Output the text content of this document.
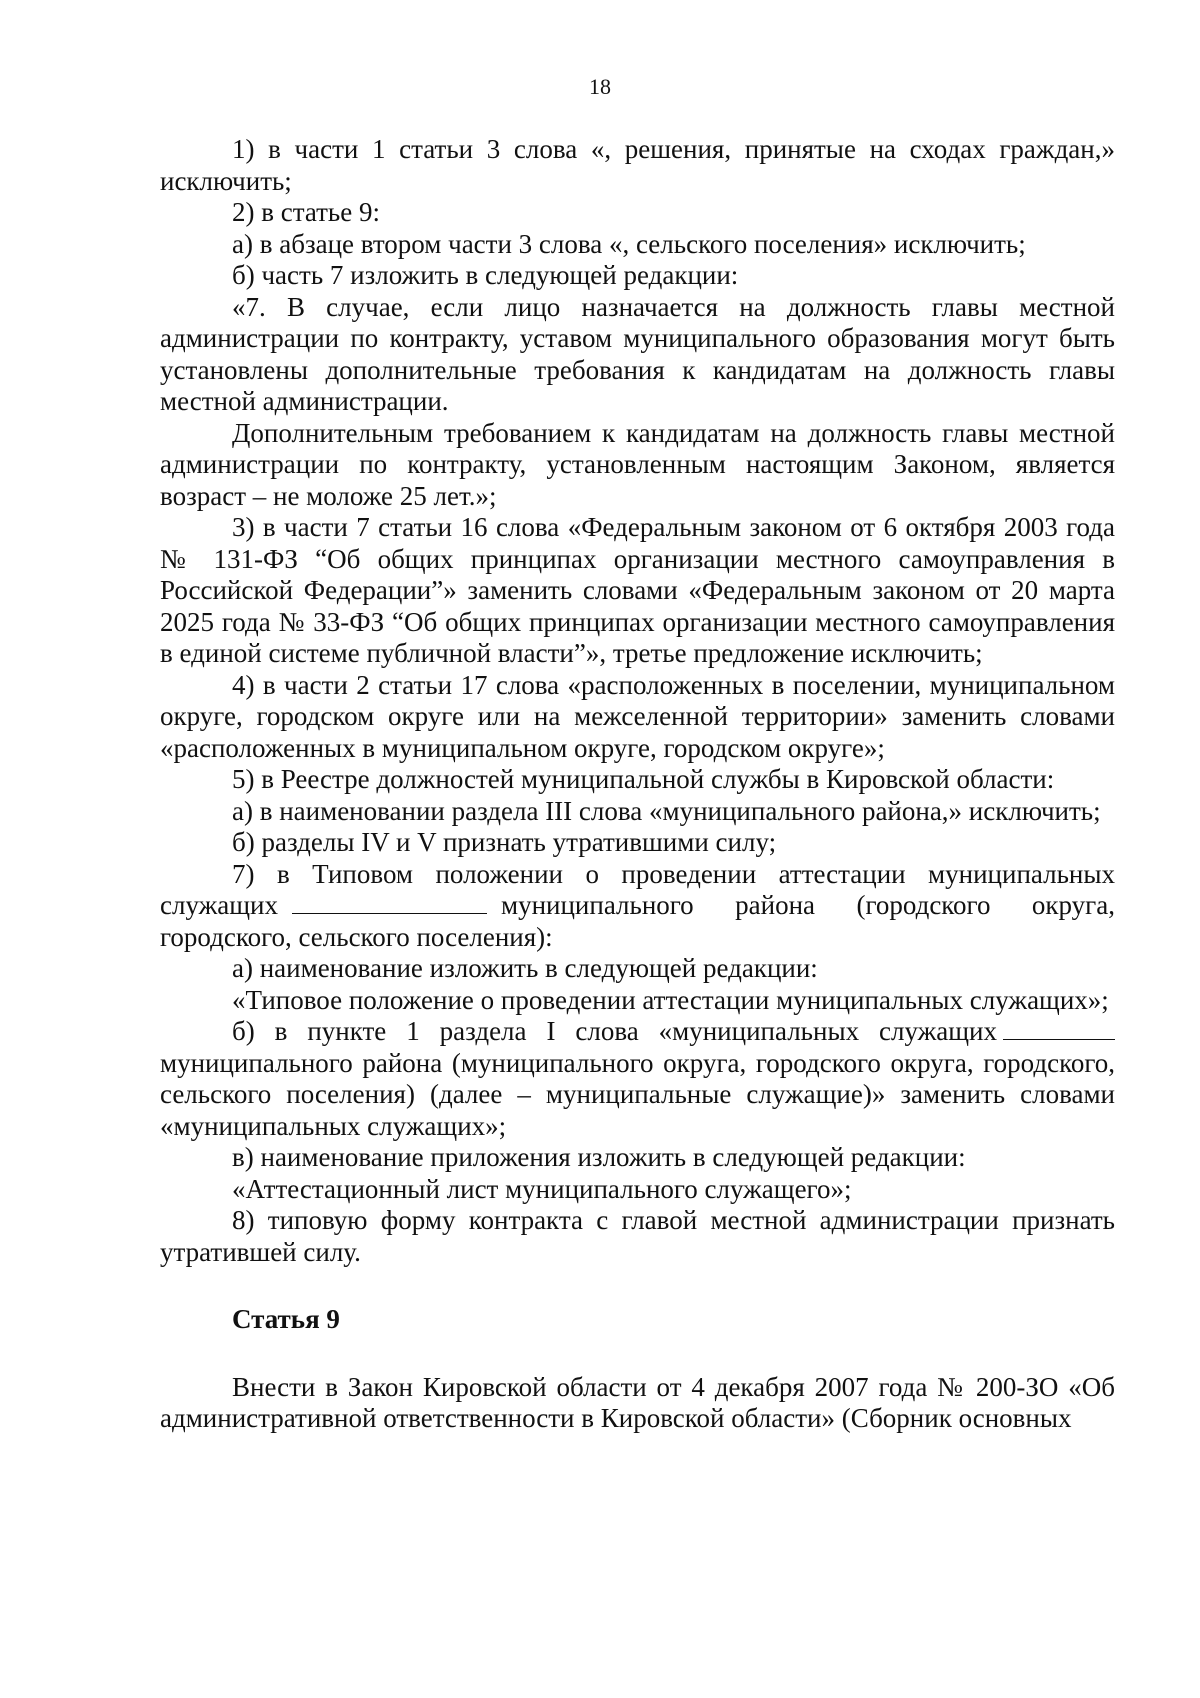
18

1) в части 1 статьи 3 слова «, решения, принятые на сходах граждан,» исключить;

2) в статье 9:

а) в абзаце втором части 3 слова «, сельского поселения» исключить;

б) часть 7 изложить в следующей редакции:

«7. В случае, если лицо назначается на должность главы местной администрации по контракту, уставом муниципального образования могут быть установлены дополнительные требования к кандидатам на должность главы местной администрации.

Дополнительным требованием к кандидатам на должность главы местной администрации по контракту, установленным настоящим Законом, является возраст – не моложе 25 лет.»;

3) в части 7 статьи 16 слова «Федеральным законом от 6 октября 2003 года № 131-ФЗ “Об общих принципах организации местного самоуправления в Российской Федерации”» заменить словами «Федеральным законом от 20 марта 2025 года № 33-ФЗ “Об общих принципах организации местного самоуправления в единой системе публичной власти”», третье предложение исключить;

4) в части 2 статьи 17 слова «расположенных в поселении, муниципальном округе, городском округе или на межселенной территории» заменить словами «расположенных в муниципальном округе, городском округе»;

5) в Реестре должностей муниципальной службы в Кировской области:

а) в наименовании раздела III слова «муниципального района,» исключить;

б) разделы IV и V признать утратившими силу;

7) в Типовом положении о проведении аттестации муниципальных служащих	муниципального района (городского округа, городского, сельского поселения):

а) наименование изложить в следующей редакции:

«Типовое положение о проведении аттестации муниципальных служащих»;

б) в пункте 1 раздела I слова «муниципальных служащих муниципального района (муниципального округа, городского округа, городского, сельского поселения) (далее – муниципальные служащие)» заменить словами «муниципальных служащих»;

в) наименование приложения изложить в следующей редакции:

«Аттестационный лист муниципального служащего»;

8) типовую форму контракта с главой местной администрации признать утратившей силу.

Статья 9

Внести в Закон Кировской области от 4 декабря 2007 года № 200-ЗО «Об административной ответственности в Кировской области» (Сборник основных
